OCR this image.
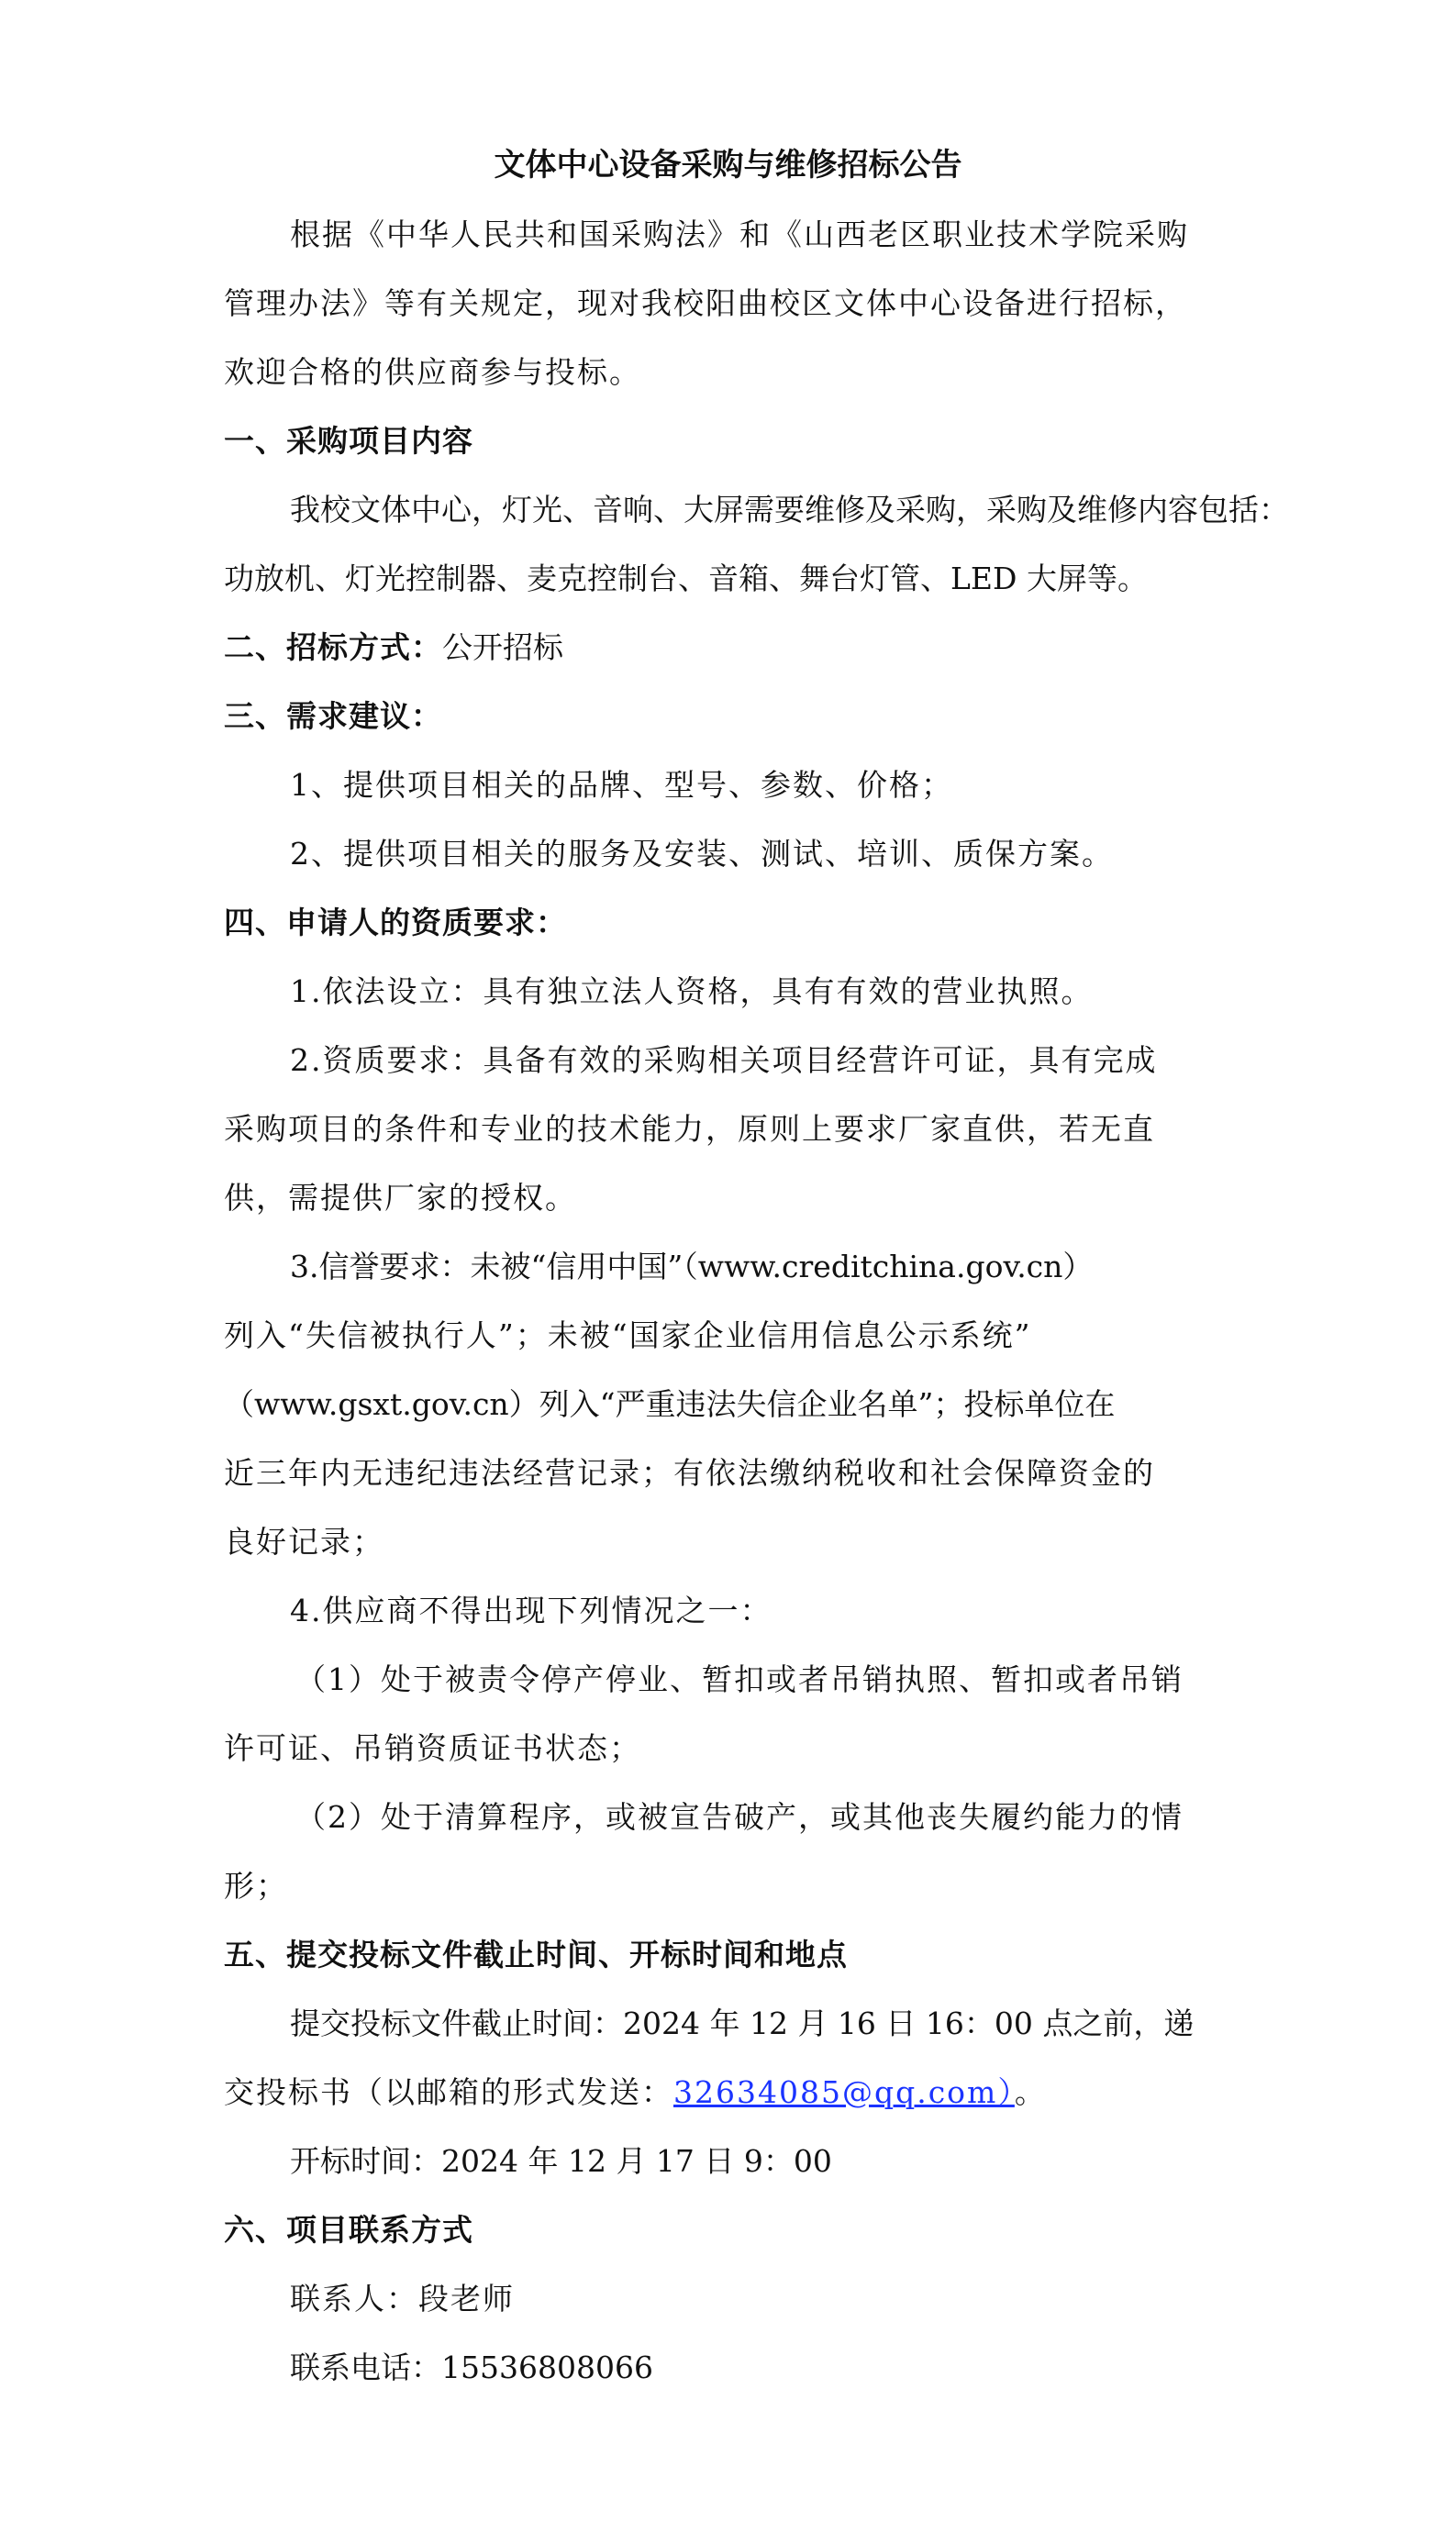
文体中心设备采购与维修招标公告

根据《中华人民共和国采购法》和《山西老区职业技术学院采购

管理办法》等有关规定，现对我校阳曲校区文体中心设备进行招标，

欢迎合格的供应商参与投标。

一、采购项目内容

我校文体中心，灯光、音响、大屏需要维修及采购，采购及维修内容包括：

功放机、灯光控制器、麦克控制台、音箱、舞台灯管、LED 大屏等。

二、招标方式：公开招标

三、需求建议：

1、提供项目相关的品牌、型号、参数、价格；

2、提供项目相关的服务及安装、测试、培训、质保方案。

四、申请人的资质要求：

1.依法设立：具有独立法人资格，具有有效的营业执照。

2.资质要求：具备有效的采购相关项目经营许可证，具有完成

采购项目的条件和专业的技术能力，原则上要求厂家直供，若无直

供，需提供厂家的授权。

3.信誉要求：未被“信用中国”（www.creditchina.gov.cn）

列入“失信被执行人”；未被“国家企业信用信息公示系统”

（www.gsxt.gov.cn）列入“严重违法失信企业名单”；投标单位在

近三年内无违纪违法经营记录；有依法缴纳税收和社会保障资金的

良好记录；

4.供应商不得出现下列情况之一：

（1）处于被责令停产停业、暂扣或者吊销执照、暂扣或者吊销

许可证、吊销资质证书状态；

（2）处于清算程序，或被宣告破产，或其他丧失履约能力的情

形；

五、提交投标文件截止时间、开标时间和地点

提交投标文件截止时间：2024 年 12 月 16 日 16：00 点之前，递

交投标书（以邮箱的形式发送：32634085@qq.com）。

开标时间：2024 年 12 月 17 日 9：00

六、项目联系方式

联系人：段老师

联系电话：15536808066
